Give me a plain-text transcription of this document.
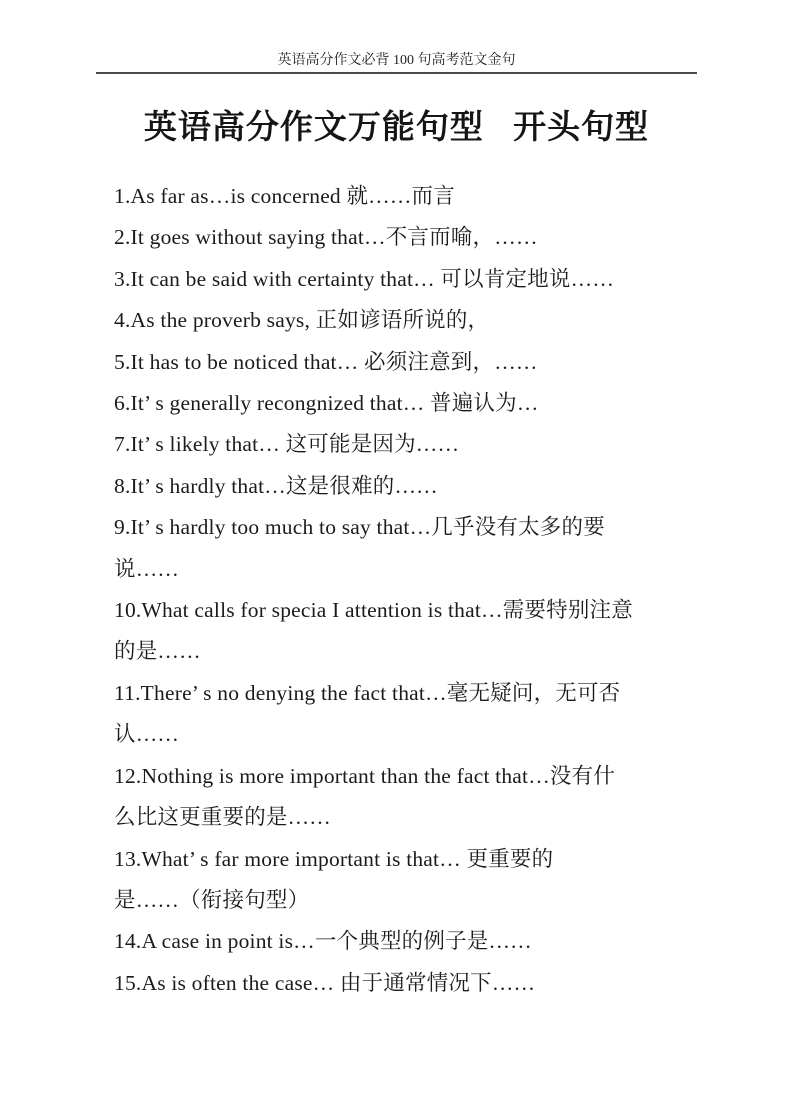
英语高分作文必背 100 句高考范文金句
英语高分作文万能句型 开头句型
1.As far as…is concerned 就……而言
2.It goes without saying that…不言而喻，……
3.It can be said with certainty that… 可以肯定地说……
4.As the proverb says, 正如谚语所说的，
5.It has to be noticed that… 必须注意到，……
6.It’ s generally recongnized that… 普遍认为…
7.It’ s likely that… 这可能是因为……
8.It’ s hardly that…这是很难的……
9.It’ s hardly too much to say that…几乎没有太多的要
说……
10.What calls for specia I attention is that…需要特别注意
的是……
11.There’ s no denying the fact that…毫无疑问，无可否
认……
12.Nothing is more important than the fact that…没有什
么比这更重要的是……
13.What’ s far more important is that… 更重要的
是……（衔接句型）
14.A case in point is…一个典型的例子是……
15.As is often the case… 由于通常情况下……
